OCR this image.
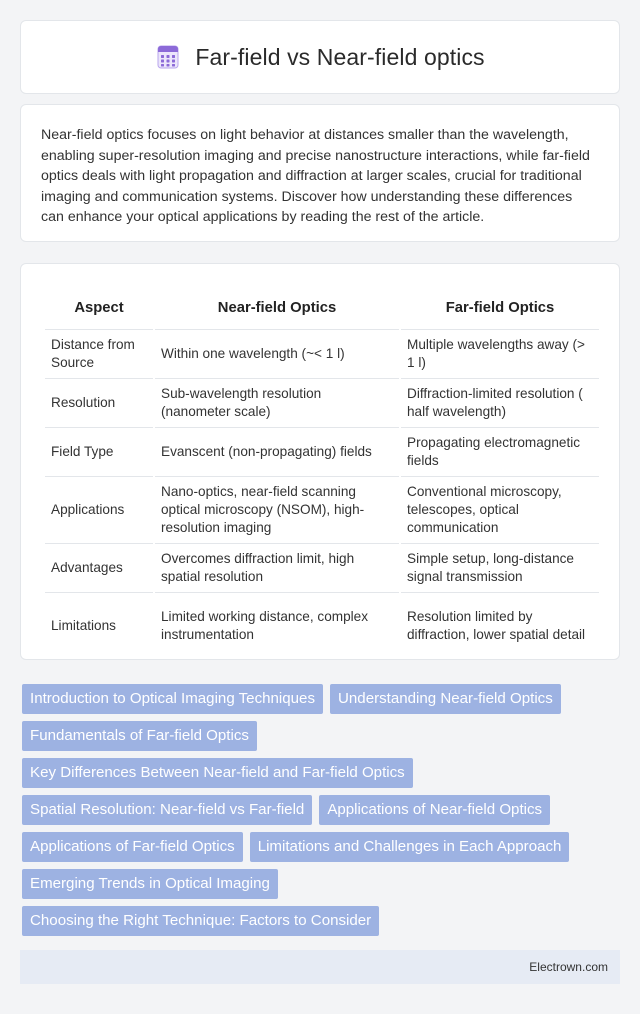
Far-field vs Near-field optics

Near-field optics focuses on light behavior at distances smaller than the wavelength, enabling super-resolution imaging and precise nanostructure interactions, while far-field optics deals with light propagation and diffraction at larger scales, crucial for traditional imaging and communication systems. Discover how understanding these differences can enhance your optical applications by reading the rest of the article.

Aspect	Near-field Optics	Far-field Optics
Distance from Source	Within one wavelength (~< 1 l)	Multiple wavelengths away (> 1 l)
Resolution	Sub-wavelength resolution (nanometer scale)	Diffraction-limited resolution ( half wavelength)
Field Type	Evanscent (non-propagating) fields	Propagating electromagnetic fields
Applications	Nano-optics, near-field scanning optical microscopy (NSOM), high-resolution imaging	Conventional microscopy, telescopes, optical communication
Advantages	Overcomes diffraction limit, high spatial resolution	Simple setup, long-distance signal transmission
Limitations	Limited working distance, complex instrumentation	Resolution limited by diffraction, lower spatial detail
Introduction to Optical Imaging Techniques	Understanding Near-field Optics
Fundamentals of Far-field Optics
Key Differences Between Near-field and Far-field Optics
Spatial Resolution: Near-field vs Far-field	Applications of Near-field Optics
Applications of Far-field Optics	Limitations and Challenges in Each Approach
Emerging Trends in Optical Imaging
Choosing the Right Technique: Factors to Consider
Electrown.com
